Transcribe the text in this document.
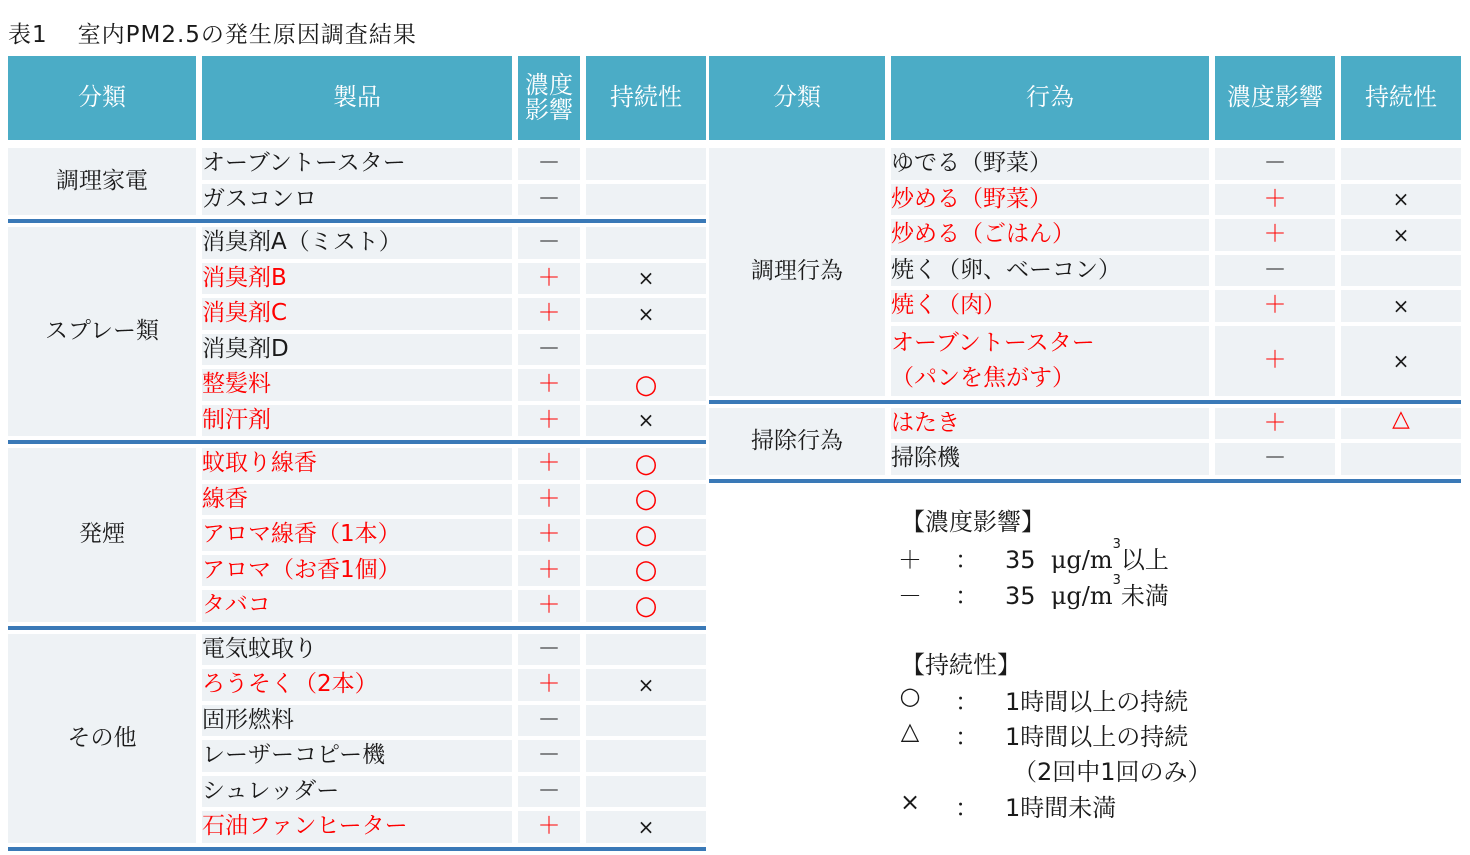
表1 室内PM2.5の発生原因調査結果
分類	製品	濃度影響	持続性

調理家電	オーブントースター	－	
	ガスコンロ	－	

スプレー類	消臭剤A（ミスト）	－	
	消臭剤B	＋	×
	消臭剤C	＋	×
	消臭剤D	－	
	整髪料	＋	○
	制汗剤	＋	×

発煙	蚊取り線香	＋	○
	線香	＋	○
	アロマ線香（1本）	＋	○
	アロマ（お香1個）	＋	○
	タバコ	＋	○

その他	電気蚊取り	－	
	ろうそく（2本）	＋	×
	固形燃料	－	
	レーザーコピー機	－	
	シュレッダー	－	
	石油ファンヒーター	＋	×

分類	行為	濃度影響	持続性

調理行為	ゆでる（野菜）	－	
	炒める（野菜）	＋	×
	炒める（ごはん）	＋	×
	焼く（卵、ベーコン）	－	
	焼く（肉）	＋	×
	オーブントースター
（パンを焦がす）	＋	×

掃除行為	はたき	＋	△
	掃除機	－	

【濃度影響】
＋ ： 35 $\mu g/m^3$以上
－ ： 35 $\mu g/m^3$未満
【持続性】
○ ： 1時間以上の持続
△ ： 1時間以上の持続
（2回中1回のみ）
× ： 1時間未満
